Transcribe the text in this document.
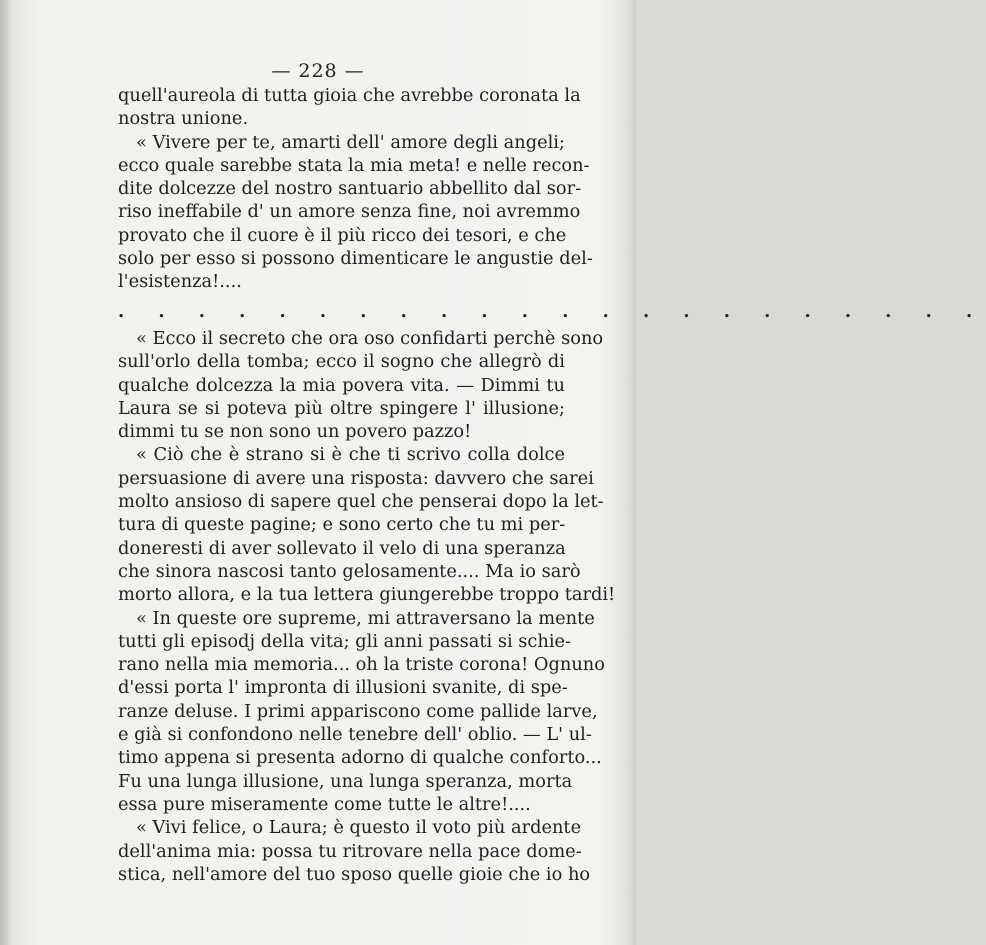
— 228 —
quell'aureola di tutta gioia che avrebbe coronata la
nostra unione.
« Vivere per te, amarti dell' amore degli angeli;
ecco quale sarebbe stata la mia meta! e nelle recon-
dite dolcezze del nostro santuario abbellito dal sor-
riso ineffabile d' un amore senza fine, noi avremmo
provato che il cuore è il più ricco dei tesori, e che
solo per esso si possono dimenticare le angustie del-
l'esistenza!....
. . . . . . . . . . . . . . . . . . . . . .
« Ecco il secreto che ora oso confidarti perchè sono
sull'orlo della tomba; ecco il sogno che allegrò di
qualche dolcezza la mia povera vita. — Dimmi tu
Laura se si poteva più oltre spingere l' illusione;
dimmi tu se non sono un povero pazzo!
« Ciò che è strano si è che ti scrivo colla dolce
persuasione di avere una risposta: davvero che sarei
molto ansioso di sapere quel che penserai dopo la let-
tura di queste pagine; e sono certo che tu mi per-
doneresti di aver sollevato il velo di una speranza
che sinora nascosi tanto gelosamente.... Ma io sarò
morto allora, e la tua lettera giungerebbe troppo tardi!
« In queste ore supreme, mi attraversano la mente
tutti gli episodj della vita; gli anni passati si schie-
rano nella mia memoria... oh la triste corona! Ognuno
d'essi porta l' impronta di illusioni svanite, di spe-
ranze deluse. I primi appariscono come pallide larve,
e già si confondono nelle tenebre dell' oblio. — L' ul-
timo appena si presenta adorno di qualche conforto...
Fu una lunga illusione, una lunga speranza, morta
essa pure miseramente come tutte le altre!....
« Vivi felice, o Laura; è questo il voto più ardente
dell'anima mia: possa tu ritrovare nella pace dome-
stica, nell'amore del tuo sposo quelle gioie che io ho
